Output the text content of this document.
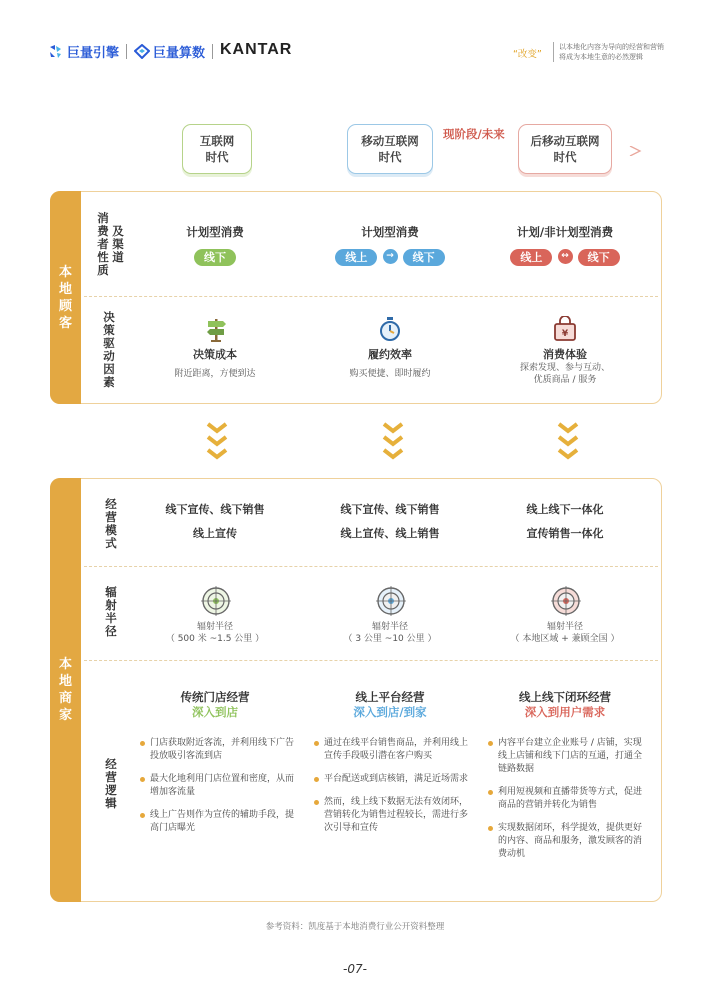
巨量引擎	巨量算数 KANTAR	“改变”
以本地化内容为导向的经营和营销
将成为本地生意的必然逻辑
互联网
时代
移动互联网
时代
现阶段/未来 后移动互联网
时代
本
地
顾
客
消
费
者
性
质
及
渠
道
决
策
驱
动
因
素
计划型消费
线下
决策成本
附近距离，方便到达
计划型消费
线上 → 线下
履约效率
购买便捷、即时履约
计划/非计划型消费
线上 ↔ 线下
¥
消费体验
探索发现、参与互动、
优质商品 / 服务
本
地
商
家
经
营
模
式
辐
射
半
径
经
营
逻
辑
线下宣传、线下销售
线上宣传
辐射半径
（ 500 米 ~1.5 公里 ）
传统门店经营
深入到店
门店获取附近客流，并利用线下广告投放吸引客流到店
最大化地利用门店位置和密度，从而增加客流量
线上广告则作为宣传的辅助手段，提高门店曝光
线下宣传、线下销售
线上宣传、线上销售
辐射半径
（ 3 公里 ~10 公里 ）
线上平台经营
深入到店/到家
通过在线平台销售商品，并利用线上宣传手段吸引潜在客户购买
平台配送或到店核销，满足近场需求
然而，线上线下数据无法有效闭环，营销转化为销售过程较长，需进行多次引导和宣传
线上线下一体化
宣传销售一体化
辐射半径
（ 本地区域 + 兼顾全国 ）
线上线下闭环经营
深入到用户需求
内容平台建立企业账号 / 店铺，实现线上店铺和线下门店的互通，打通全链路数据
利用短视频和直播带货等方式，促进商品的营销并转化为销售
实现数据闭环，科学提效，提供更好的内容、商品和服务，激发顾客的消费动机
参考资料：凯度基于本地消费行业公开资料整理
-07-
